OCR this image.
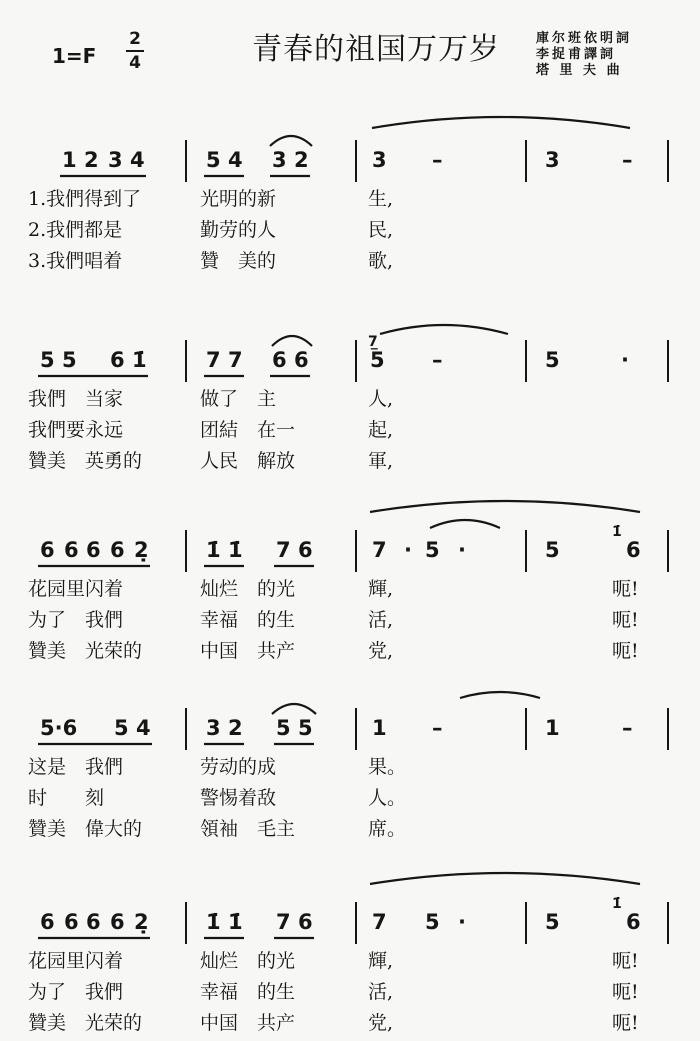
1=F
2
4	青春的祖国万万岁	庫尔班依明詞
李捉甫譯詞
塔 里 夫 曲
1 2 3 4	5 4 3 2	3 –	3	–
1.我們得到了	光明的新	生,
2.我們都是	勤劳的人	民,
3.我們唱着	贊　美的	歌,
5 5 6 1̇	7 7 6 6	5 –	5	·
7̲
我們　当家	做了　主	人,
我們要永远	团結　在一	起,
贊美　英勇的	人民　解放	軍,
6 6 6 6 2̣	1̇ 1̇ 7 6	7 · 5 ·	5	6
1̇
花园里闪着	灿烂　的光	輝,	呃!
为了　我們	幸福　的生	活,	呃!
贊美　光荣的	中国　共产	党,	呃!
5·6 5 4	3 2 5 5	1 –	1	–
这是　我們	劳动的成	果。
时　　刻	警惕着敌	人。
贊美　偉大的	領袖　毛主	席。
6 6 6 6 2̣	1̇ 1̇ 7 6	7 5 ·	5	6
1̇
花园里闪着	灿烂　的光	輝,	呃!
为了　我們	幸福　的生	活,	呃!
贊美　光荣的	中国　共产	党,	呃!
